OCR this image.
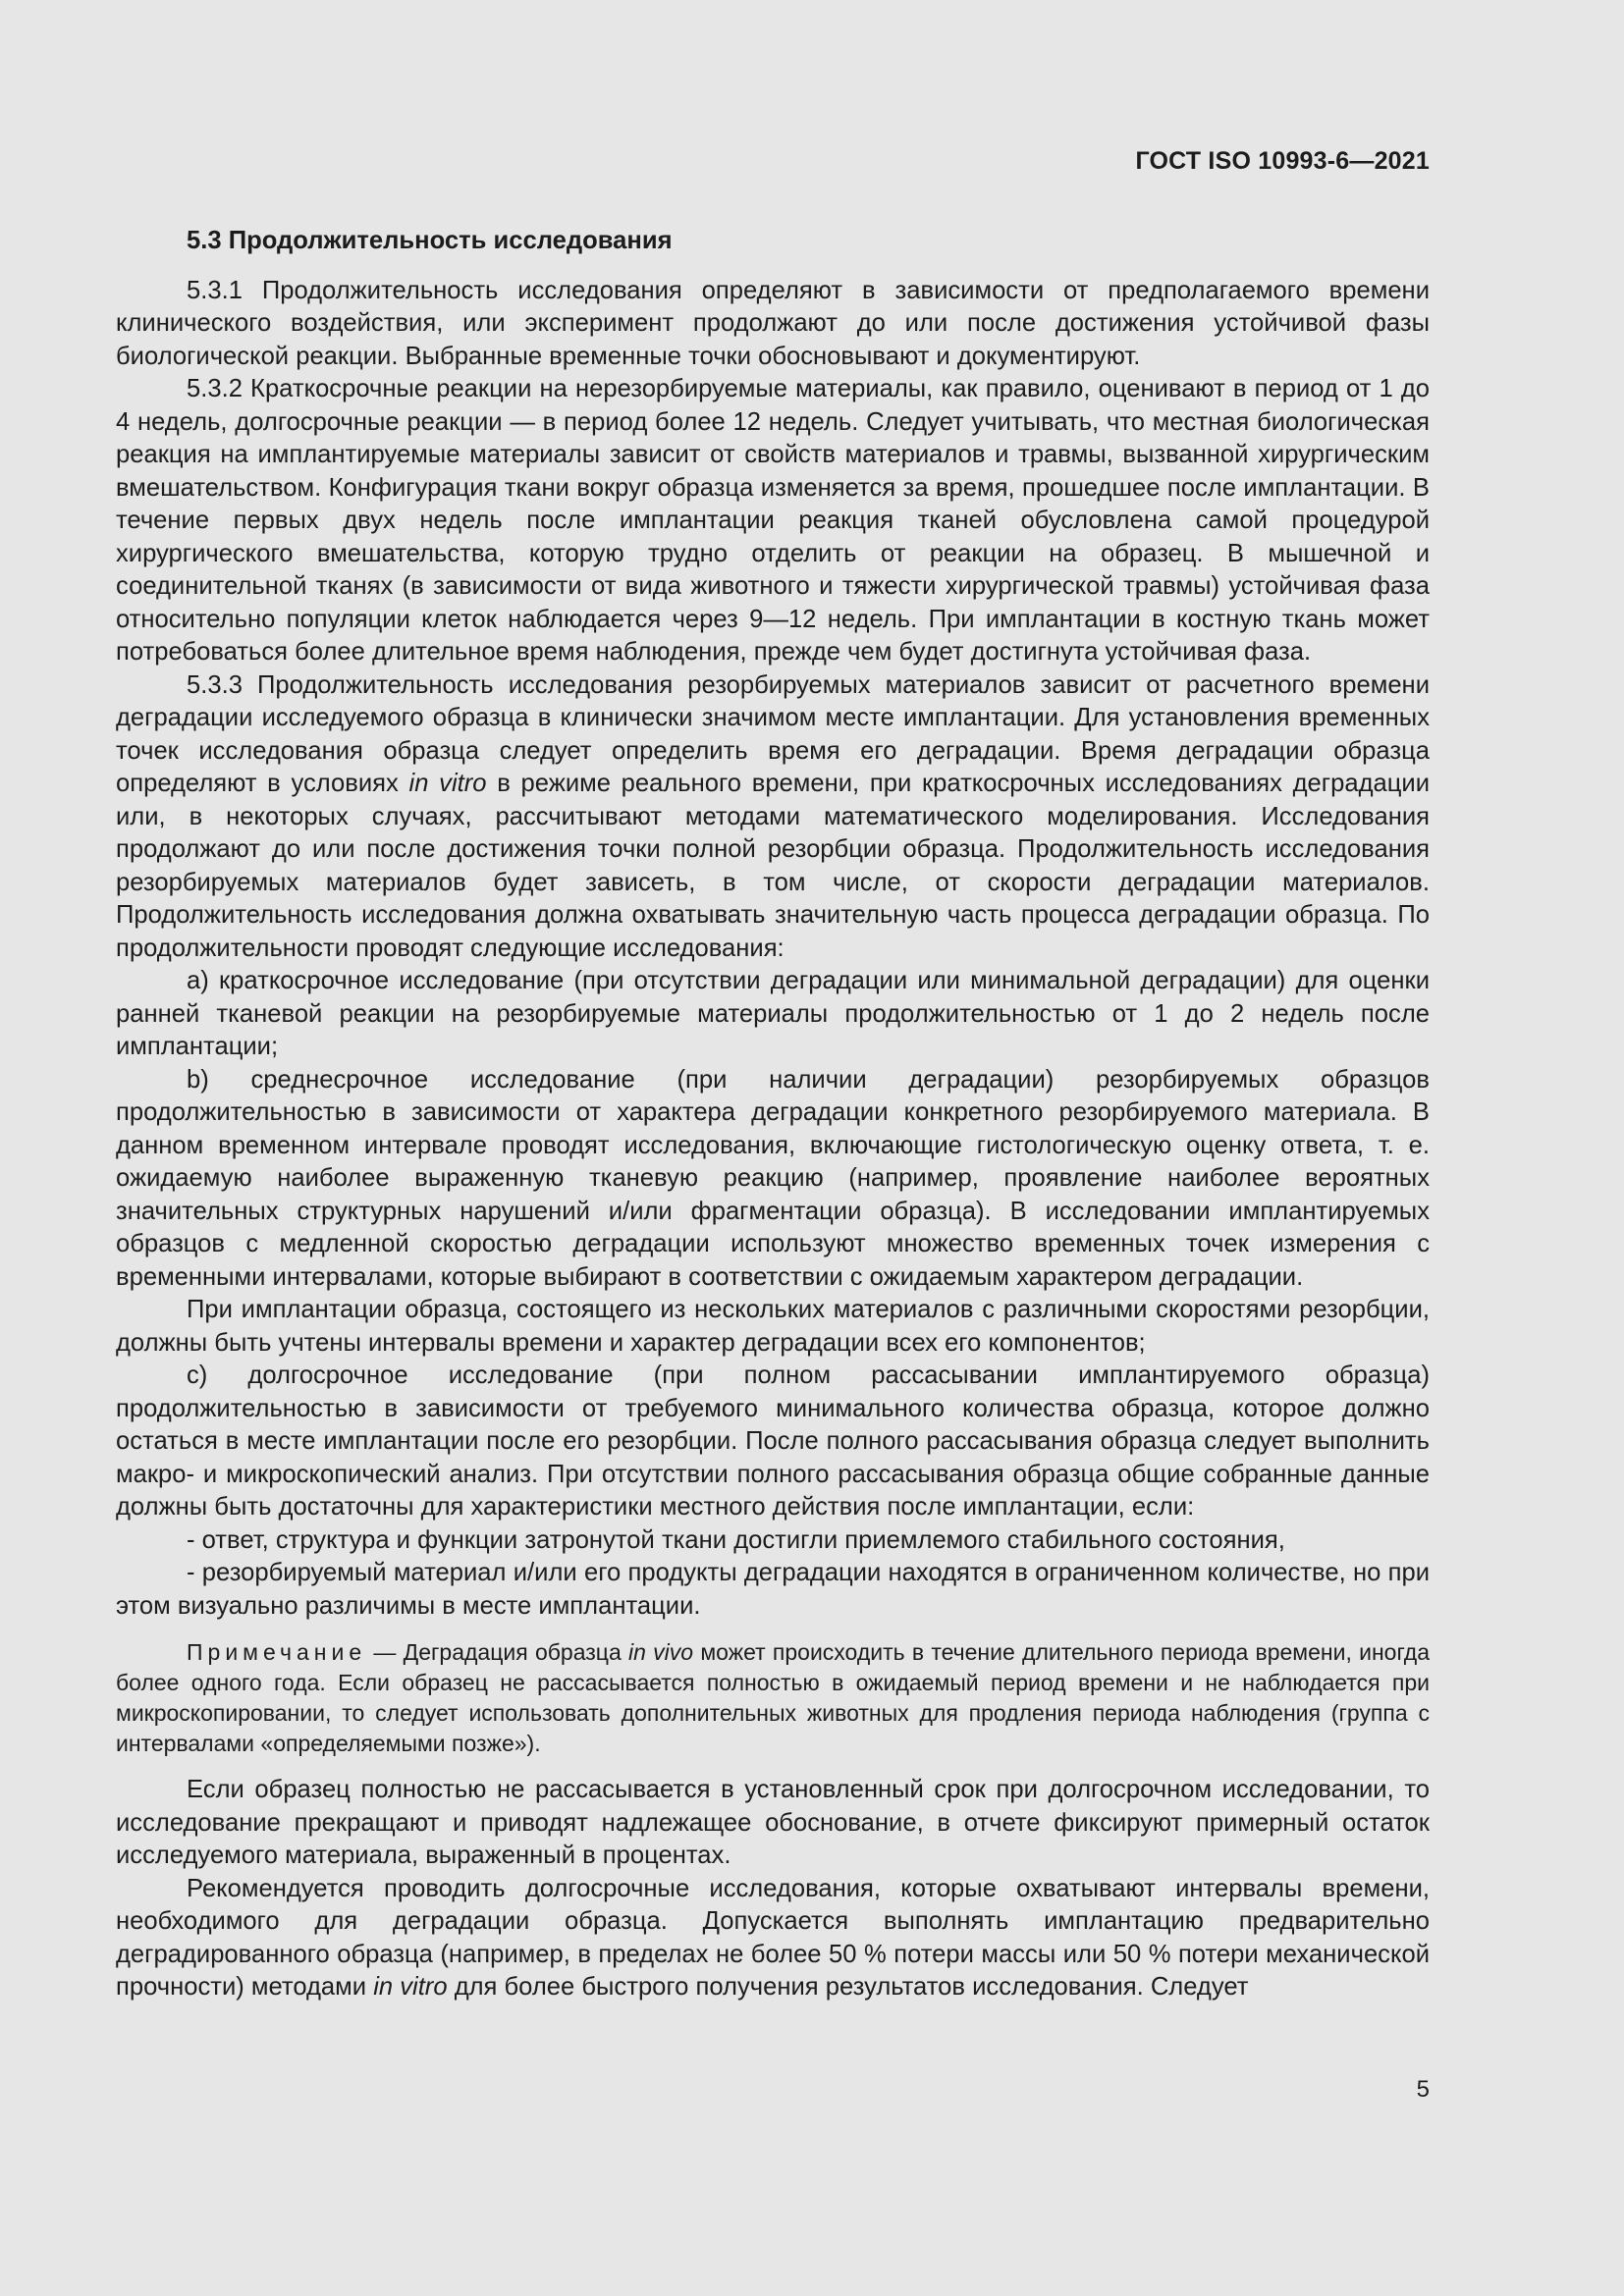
ГОСТ ISO 10993-6—2021
5.3 Продолжительность исследования

5.3.1 Продолжительность исследования определяют в зависимости от предполагаемого времени клинического воздействия, или эксперимент продолжают до или после достижения устойчивой фазы биологической реакции. Выбранные временные точки обосновывают и документируют.

5.3.2 Краткосрочные реакции на нерезорбируемые материалы, как правило, оценивают в период от 1 до 4 недель, долгосрочные реакции — в период более 12 недель. Следует учитывать, что местная биологическая реакция на имплантируемые материалы зависит от свойств материалов и травмы, вызванной хирургическим вмешательством. Конфигурация ткани вокруг образца изменяется за время, прошедшее после имплантации. В течение первых двух недель после имплантации реакция тканей обусловлена самой процедурой хирургического вмешательства, которую трудно отделить от реакции на образец. В мышечной и соединительной тканях (в зависимости от вида животного и тяжести хирургической травмы) устойчивая фаза относительно популяции клеток наблюдается через 9—12 недель. При имплантации в костную ткань может потребоваться более длительное время наблюдения, прежде чем будет достигнута устойчивая фаза.

5.3.3 Продолжительность исследования резорбируемых материалов зависит от расчетного времени деградации исследуемого образца в клинически значимом месте имплантации. Для установления временных точек исследования образца следует определить время его деградации. Время деградации образца определяют в условиях in vitro в режиме реального времени, при краткосрочных исследованиях деградации или, в некоторых случаях, рассчитывают методами математического моделирования. Исследования продолжают до или после достижения точки полной резорбции образца. Продолжительность исследования резорбируемых материалов будет зависеть, в том числе, от скорости деградации материалов. Продолжительность исследования должна охватывать значительную часть процесса деградации образца. По продолжительности проводят следующие исследования:

a) краткосрочное исследование (при отсутствии деградации или минимальной деградации) для оценки ранней тканевой реакции на резорбируемые материалы продолжительностью от 1 до 2 недель после имплантации;

b) среднесрочное исследование (при наличии деградации) резорбируемых образцов продолжительностью в зависимости от характера деградации конкретного резорбируемого материала. В данном временном интервале проводят исследования, включающие гистологическую оценку ответа, т. е. ожидаемую наиболее выраженную тканевую реакцию (например, проявление наиболее вероятных значительных структурных нарушений и/или фрагментации образца). В исследовании имплантируемых образцов с медленной скоростью деградации используют множество временных точек измерения с временными интервалами, которые выбирают в соответствии с ожидаемым характером деградации.

При имплантации образца, состоящего из нескольких материалов с различными скоростями резорбции, должны быть учтены интервалы времени и характер деградации всех его компонентов;

c) долгосрочное исследование (при полном рассасывании имплантируемого образца) продолжительностью в зависимости от требуемого минимального количества образца, которое должно остаться в месте имплантации после его резорбции. После полного рассасывания образца следует выполнить макро- и микроскопический анализ. При отсутствии полного рассасывания образца общие собранные данные должны быть достаточны для характеристики местного действия после имплантации, если:

- ответ, структура и функции затронутой ткани достигли приемлемого стабильного состояния,

- резорбируемый материал и/или его продукты деградации находятся в ограниченном количестве, но при этом визуально различимы в месте имплантации.

Примечание — Деградация образца in vivo может происходить в течение длительного периода времени, иногда более одного года. Если образец не рассасывается полностью в ожидаемый период времени и не наблюдается при микроскопировании, то следует использовать дополнительных животных для продления периода наблюдения (группа с интервалами «определяемыми позже»).

Если образец полностью не рассасывается в установленный срок при долгосрочном исследовании, то исследование прекращают и приводят надлежащее обоснование, в отчете фиксируют примерный остаток исследуемого материала, выраженный в процентах.

Рекомендуется проводить долгосрочные исследования, которые охватывают интервалы времени, необходимого для деградации образца. Допускается выполнять имплантацию предварительно деградированного образца (например, в пределах не более 50 % потери массы или 50 % потери механической прочности) методами in vitro для более быстрого получения результатов исследования. Следует

5
